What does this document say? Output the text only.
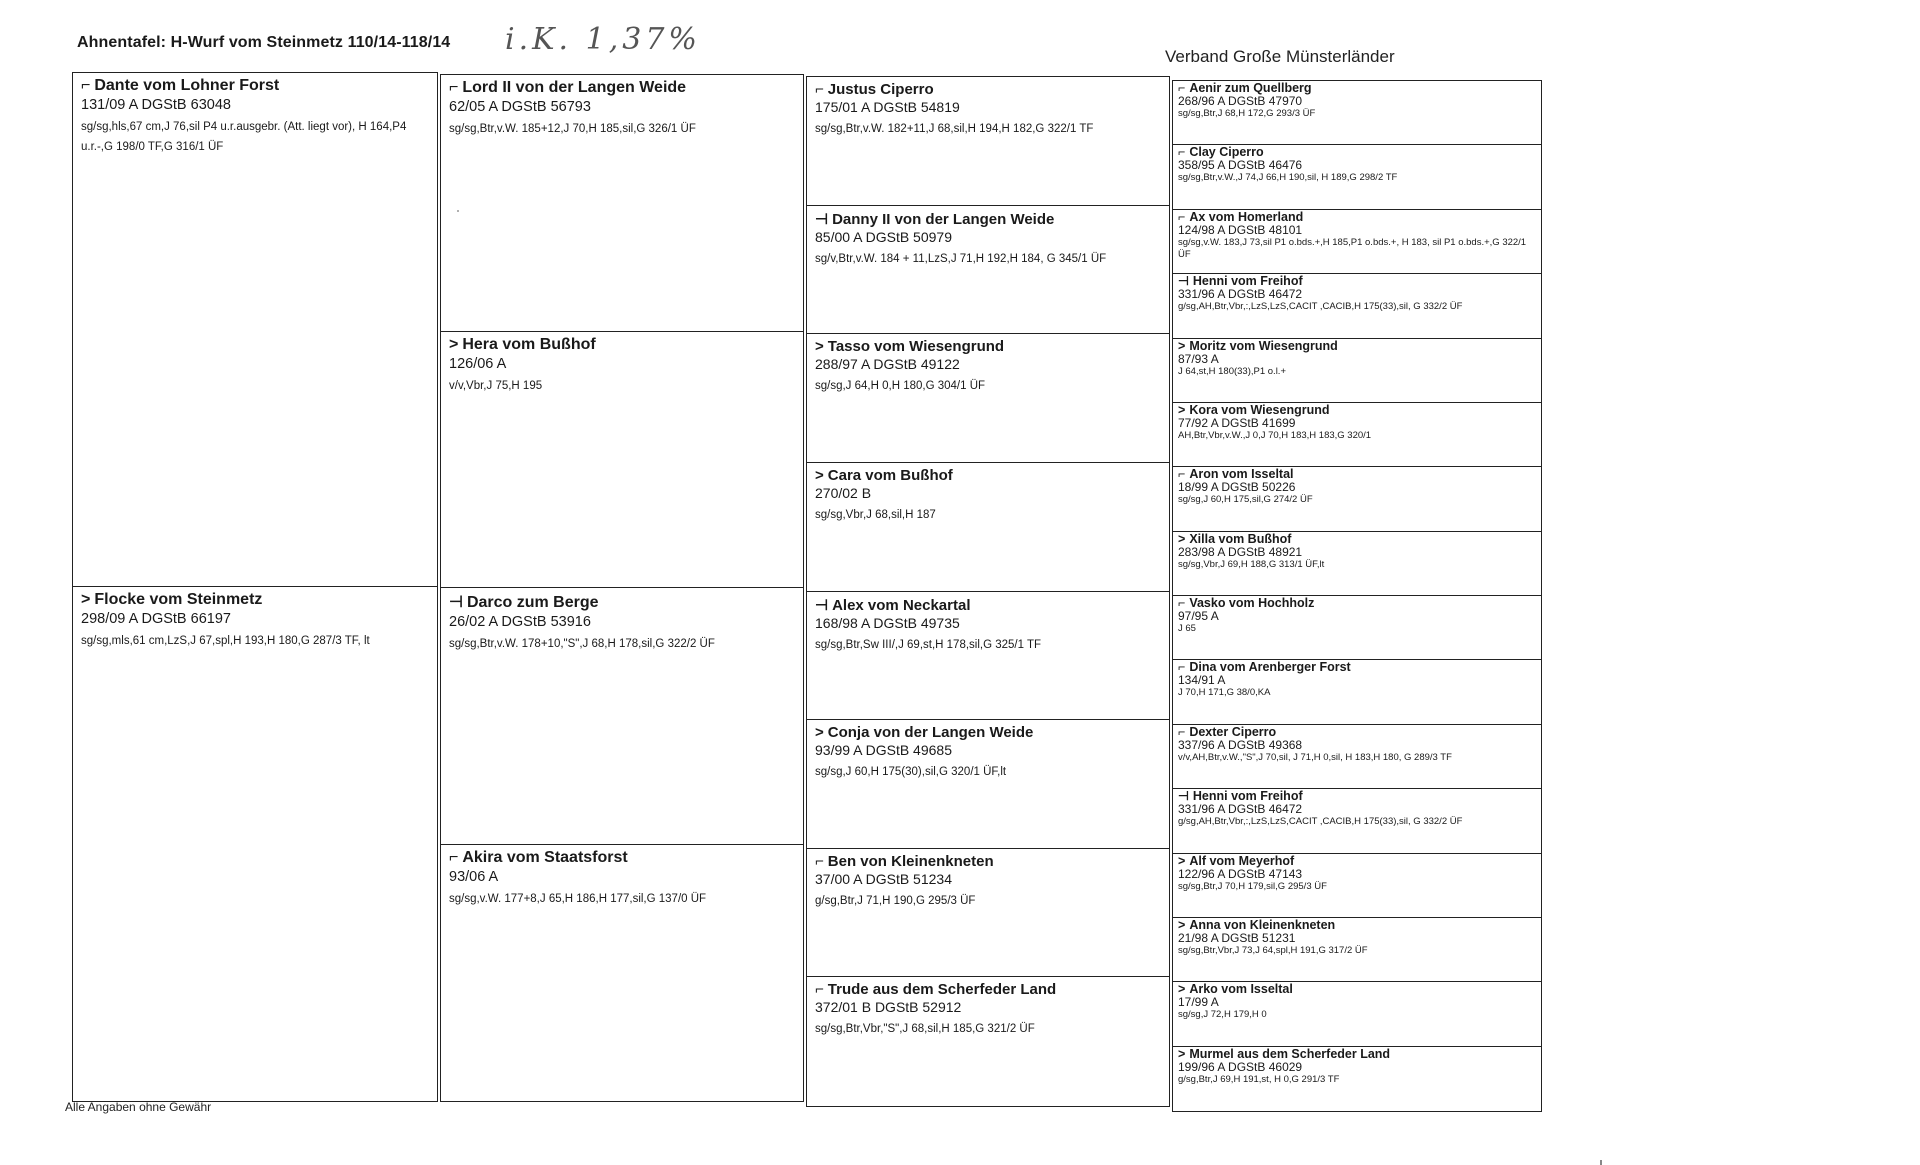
Ahnentafel: H-Wurf vom Steinmetz 110/14-118/14 i.K. 1,37%	Verband Große Münsterländer
⌐ Dante vom Lohner Forst
131/09 A DGStB 63048
sg/sg,hls,67 cm,J 76,sil P4 u.r.ausgebr. (Att. liegt vor), H 164,P4 u.r.-,G 198/0 TF,G 316/1 ÜF
> Flocke vom Steinmetz
298/09 A DGStB 66197
sg/sg,mls,61 cm,LzS,J 67,spl,H 193,H 180,G 287/3 TF, lt
⌐ Lord II von der Langen Weide
62/05 A DGStB 56793
sg/sg,Btr,v.W. 185+12,J 70,H 185,sil,G 326/1 ÜF
> Hera vom Bußhof
126/06 A
v/v,Vbr,J 75,H 195
⊣ Darco zum Berge
26/02 A DGStB 53916
sg/sg,Btr,v.W. 178+10,"S",J 68,H 178,sil,G 322/2 ÜF
⌐ Akira vom Staatsforst
93/06 A
sg/sg,v.W. 177+8,J 65,H 186,H 177,sil,G 137/0 ÜF
⌐ Justus Ciperro
175/01 A DGStB 54819
sg/sg,Btr,v.W. 182+11,J 68,sil,H 194,H 182,G 322/1 TF
⊣ Danny II von der Langen Weide
85/00 A DGStB 50979
sg/v,Btr,v.W. 184 + 11,LzS,J 71,H 192,H 184, G 345/1 ÜF
> Tasso vom Wiesengrund
288/97 A DGStB 49122
sg/sg,J 64,H 0,H 180,G 304/1 ÜF
> Cara vom Bußhof
270/02 B
sg/sg,Vbr,J 68,sil,H 187
⊣ Alex vom Neckartal
168/98 A DGStB 49735
sg/sg,Btr,Sw III/,J 69,st,H 178,sil,G 325/1 TF
> Conja von der Langen Weide
93/99 A DGStB 49685
sg/sg,J 60,H 175(30),sil,G 320/1 ÜF,lt
⌐ Ben von Kleinenkneten
37/00 A DGStB 51234
g/sg,Btr,J 71,H 190,G 295/3 ÜF
⌐ Trude aus dem Scherfeder Land
372/01 B DGStB 52912
sg/sg,Btr,Vbr,"S",J 68,sil,H 185,G 321/2 ÜF
⌐ Aenir zum Quellberg
268/96 A DGStB 47970
sg/sg,Btr,J 68,H 172,G 293/3 ÜF
⌐ Clay Ciperro
358/95 A DGStB 46476
sg/sg,Btr,v.W.,J 74,J 66,H 190,sil, H 189,G 298/2 TF
⌐ Ax vom Homerland
124/98 A DGStB 48101
sg/sg,v.W. 183,J 73,sil P1 o.bds.+,H 185,P1 o.bds.+, H 183, sil P1 o.bds.+,G 322/1 ÜF
⊣ Henni vom Freihof
331/96 A DGStB 46472
g/sg,AH,Btr,Vbr,:,LzS,LzS,CACIT ,CACIB,H 175(33),sil, G 332/2 ÜF
> Moritz vom Wiesengrund
87/93 A
J 64,st,H 180(33),P1 o.l.+
> Kora vom Wiesengrund
77/92 A DGStB 41699
AH,Btr,Vbr,v.W.,J 0,J 70,H 183,H 183,G 320/1
⌐ Aron vom Isseltal
18/99 A DGStB 50226
sg/sg,J 60,H 175,sil,G 274/2 ÜF
> Xilla vom Bußhof
283/98 A DGStB 48921
sg/sg,Vbr,J 69,H 188,G 313/1 ÜF,lt
⌐ Vasko vom Hochholz
97/95 A
J 65
⌐ Dina vom Arenberger Forst
134/91 A
J 70,H 171,G 38/0,KA
⌐ Dexter Ciperro
337/96 A DGStB 49368
v/v,AH,Btr,v.W.,"S",J 70,sil, J 71,H 0,sil, H 183,H 180, G 289/3 TF
⊣ Henni vom Freihof
331/96 A DGStB 46472
g/sg,AH,Btr,Vbr,:,LzS,LzS,CACIT ,CACIB,H 175(33),sil, G 332/2 ÜF
> Alf vom Meyerhof
122/96 A DGStB 47143
sg/sg,Btr,J 70,H 179,sil,G 295/3 ÜF
> Anna von Kleinenkneten
21/98 A DGStB 51231
sg/sg,Btr,Vbr,J 73,J 64,spl,H 191,G 317/2 ÜF
> Arko vom Isseltal
17/99 A
sg/sg,J 72,H 179,H 0
> Murmel aus dem Scherfeder Land
199/96 A DGStB 46029
g/sg,Btr,J 69,H 191,st, H 0,G 291/3 TF
Alle Angaben ohne Gewähr
